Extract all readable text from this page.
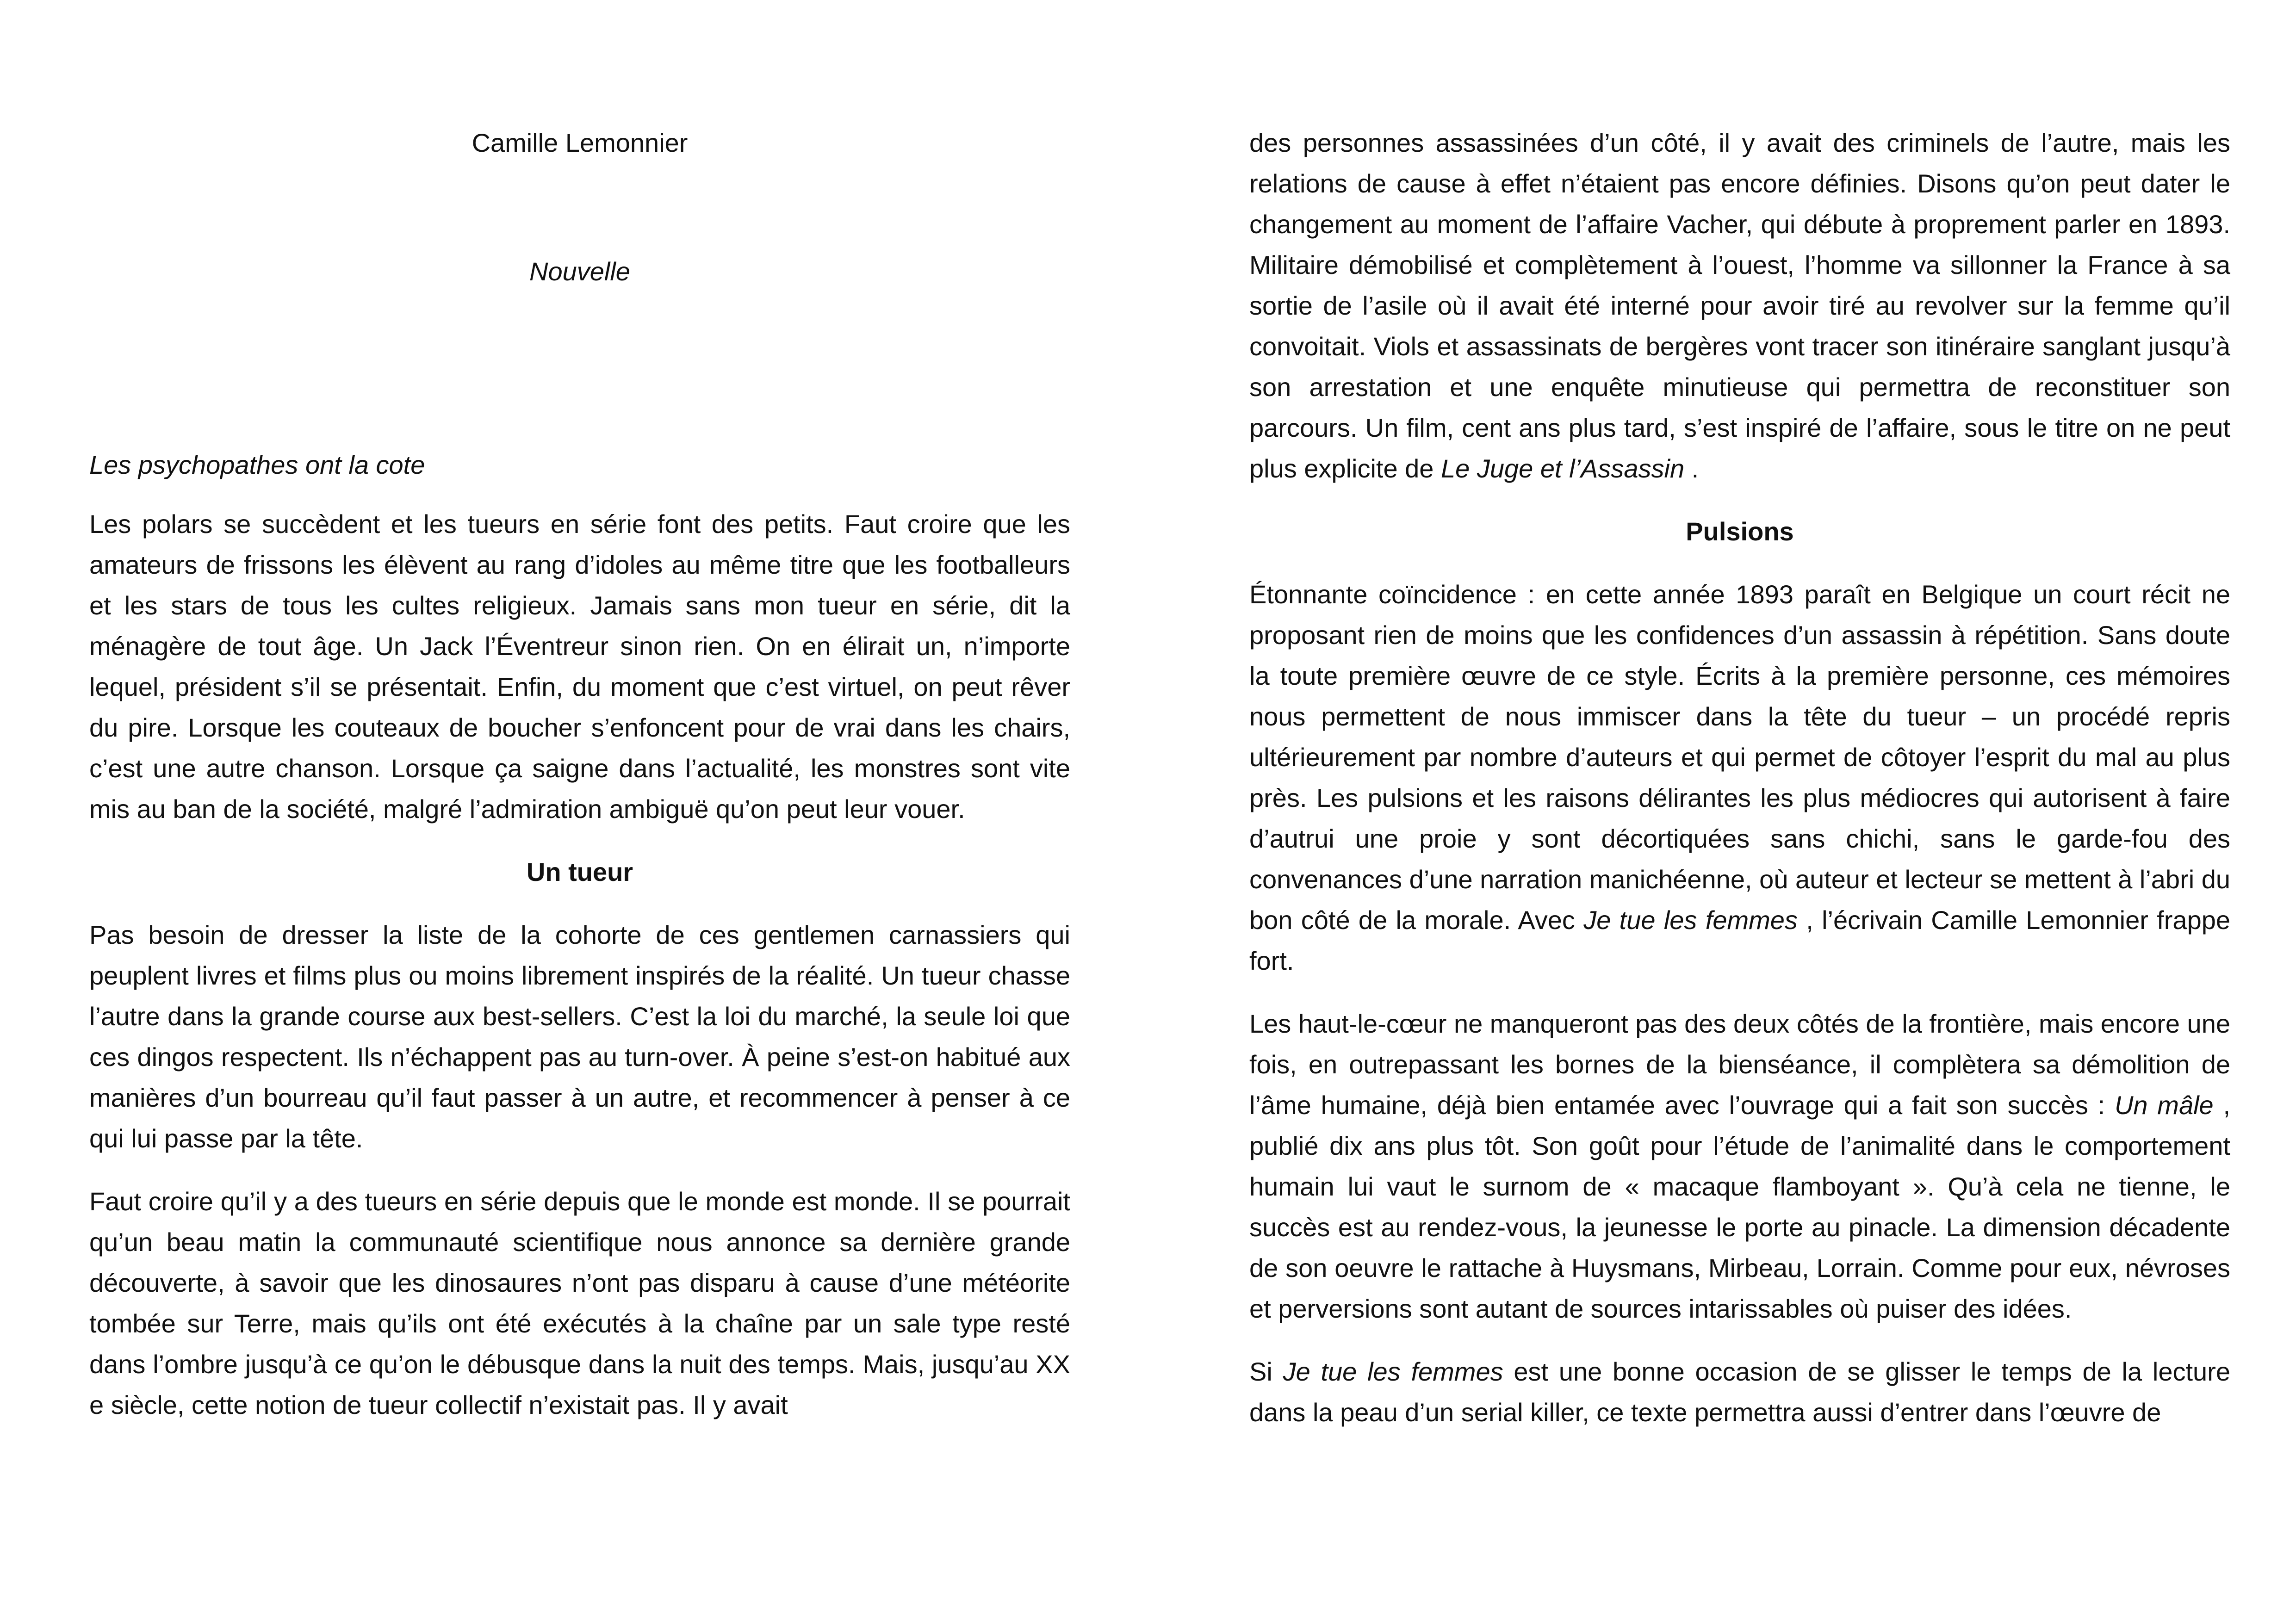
Camille Lemonnier
Nouvelle
Les psychopathes ont la cote

Les polars se succèdent et les tueurs en série font des petits. Faut croire que les amateurs de frissons les élèvent au rang d’idoles au même titre que les footballeurs et les stars de tous les cultes religieux. Jamais sans mon tueur en série, dit la ménagère de tout âge. Un Jack l’Éventreur sinon rien. On en élirait un, n’importe lequel, président s’il se présentait. Enfin, du moment que c’est virtuel, on peut rêver du pire. Lorsque les couteaux de boucher s’enfoncent pour de vrai dans les chairs, c’est une autre chanson. Lorsque ça saigne dans l’actualité, les monstres sont vite mis au ban de la société, malgré l’admiration ambiguë qu’on peut leur vouer.

Un tueur

Pas besoin de dresser la liste de la cohorte de ces gentlemen carnassiers qui peuplent livres et films plus ou moins librement inspirés de la réalité. Un tueur chasse l’autre dans la grande course aux best-sellers. C’est la loi du marché, la seule loi que ces dingos respectent. Ils n’échappent pas au turn-over. À peine s’est-on habitué aux manières d’un bourreau qu’il faut passer à un autre, et recommencer à penser à ce qui lui passe par la tête.

Faut croire qu’il y a des tueurs en série depuis que le monde est monde. Il se pourrait qu’un beau matin la communauté scientifique nous annonce sa dernière grande découverte, à savoir que les dinosaures n’ont pas disparu à cause d’une météorite tombée sur Terre, mais qu’ils ont été exécutés à la chaîne par un sale type resté dans l’ombre jusqu’à ce qu’on le débusque dans la nuit des temps. Mais, jusqu’au XX e siècle, cette notion de tueur collectif n’existait pas. Il y avait

des personnes assassinées d’un côté, il y avait des criminels de l’autre, mais les relations de cause à effet n’étaient pas encore définies. Disons qu’on peut dater le changement au moment de l’affaire Vacher, qui débute à proprement parler en 1893. Militaire démobilisé et complètement à l’ouest, l’homme va sillonner la France à sa sortie de l’asile où il avait été interné pour avoir tiré au revolver sur la femme qu’il convoitait. Viols et assassinats de bergères vont tracer son itinéraire sanglant jusqu’à son arrestation et une enquête minutieuse qui permettra de reconstituer son parcours. Un film, cent ans plus tard, s’est inspiré de l’affaire, sous le titre on ne peut plus explicite de Le Juge et l’Assassin .

Pulsions

Étonnante coïncidence : en cette année 1893 paraît en Belgique un court récit ne proposant rien de moins que les confidences d’un assassin à répétition. Sans doute la toute première œuvre de ce style. Écrits à la première personne, ces mémoires nous permettent de nous immiscer dans la tête du tueur – un procédé repris ultérieurement par nombre d’auteurs et qui permet de côtoyer l’esprit du mal au plus près. Les pulsions et les raisons délirantes les plus médiocres qui autorisent à faire d’autrui une proie y sont décortiquées sans chichi, sans le garde-fou des convenances d’une narration manichéenne, où auteur et lecteur se mettent à l’abri du bon côté de la morale. Avec Je tue les femmes , l’écrivain Camille Lemonnier frappe fort.

Les haut-le-cœur ne manqueront pas des deux côtés de la frontière, mais encore une fois, en outrepassant les bornes de la bienséance, il complètera sa démolition de l’âme humaine, déjà bien entamée avec l’ouvrage qui a fait son succès : Un mâle , publié dix ans plus tôt. Son goût pour l’étude de l’animalité dans le comportement humain lui vaut le surnom de « macaque flamboyant ». Qu’à cela ne tienne, le succès est au rendez-vous, la jeunesse le porte au pinacle. La dimension décadente de son oeuvre le rattache à Huysmans, Mirbeau, Lorrain. Comme pour eux, névroses et perversions sont autant de sources intarissables où puiser des idées.

Si Je tue les femmes est une bonne occasion de se glisser le temps de la lecture dans la peau d’un serial killer, ce texte permettra aussi d’entrer dans l’œuvre de
